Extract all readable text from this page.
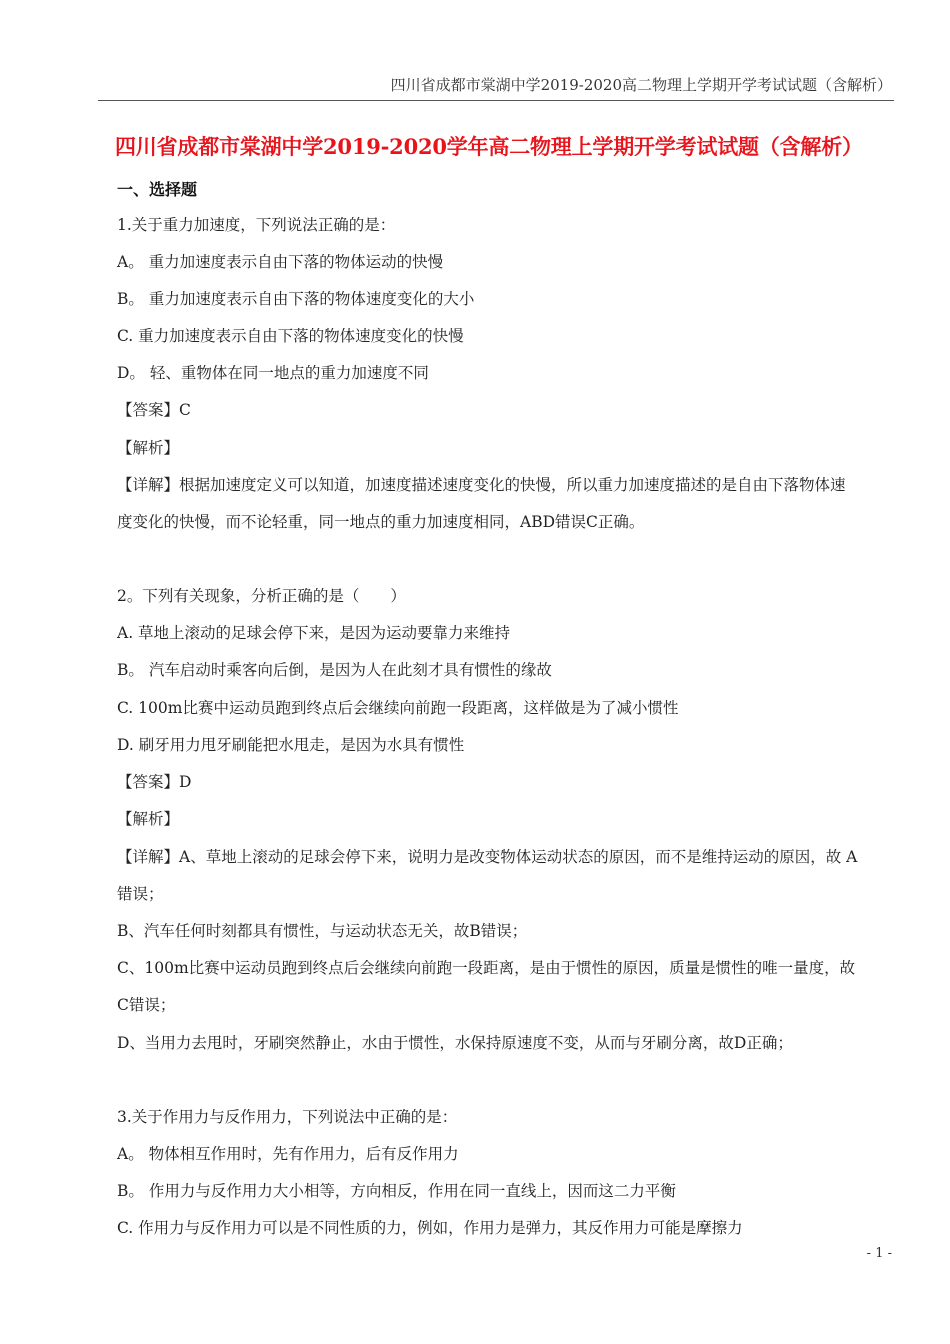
四川省成都市棠湖中学2019-2020高二物理上学期开学考试试题（含解析）
四川省成都市棠湖中学2019-2020学年高二物理上学期开学考试试题（含解析）
一、选择题
1.关于重力加速度，下列说法正确的是：
A。 重力加速度表示自由下落的物体运动的快慢
B。 重力加速度表示自由下落的物体速度变化的大小
C. 重力加速度表示自由下落的物体速度变化的快慢
D。 轻、重物体在同一地点的重力加速度不同
【答案】C
【解析】
【详解】根据加速度定义可以知道，加速度描述速度变化的快慢，所以重力加速度描述的是自由下落物体速
度变化的快慢，而不论轻重，同一地点的重力加速度相同，ABD错误C正确。
2。下列有关现象，分析正确的是（　　）
A. 草地上滚动的足球会停下来，是因为运动要靠力来维持
B。 汽车启动时乘客向后倒，是因为人在此刻才具有惯性的缘故
C. 100m比赛中运动员跑到终点后会继续向前跑一段距离，这样做是为了减小惯性
D. 刷牙用力甩牙刷能把水甩走，是因为水具有惯性
【答案】D
【解析】
【详解】A、草地上滚动的足球会停下来，说明力是改变物体运动状态的原因，而不是维持运动的原因，故 A
错误；
B、汽车任何时刻都具有惯性，与运动状态无关，故B错误；
C、100m比赛中运动员跑到终点后会继续向前跑一段距离，是由于惯性的原因，质量是惯性的唯一量度，故
C错误；
D、当用力去甩时，牙刷突然静止，水由于惯性，水保持原速度不变，从而与牙刷分离，故D正确；
3.关于作用力与反作用力，下列说法中正确的是：
A。 物体相互作用时，先有作用力，后有反作用力
B。 作用力与反作用力大小相等，方向相反，作用在同一直线上，因而这二力平衡
C. 作用力与反作用力可以是不同性质的力，例如，作用力是弹力，其反作用力可能是摩擦力
- 1 -
